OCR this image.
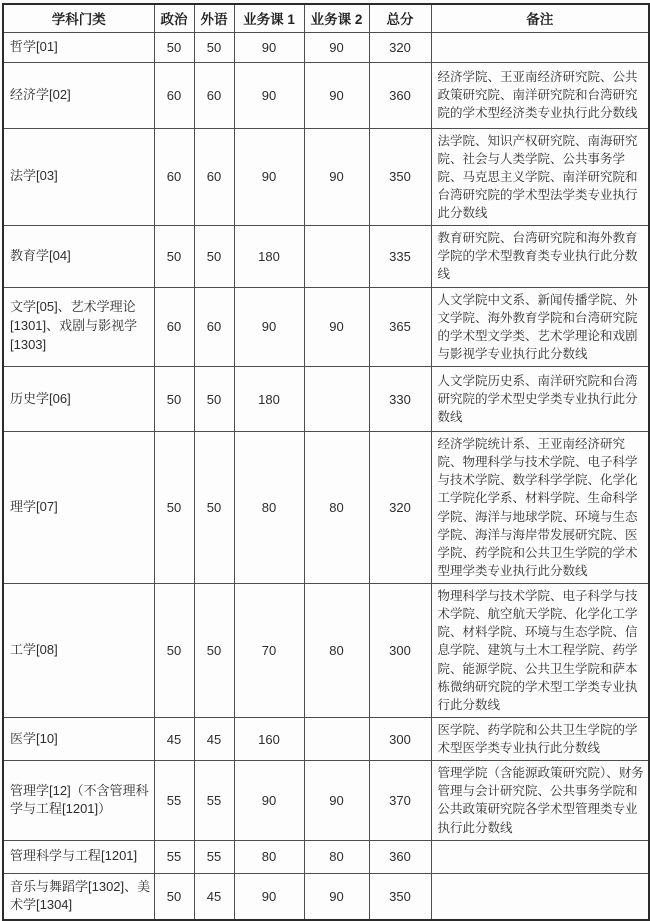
学科门类	政治	外语	业务课 1	业务课 2	总分	备注
哲学[01]	50	50	90	90	320	
经济学[02]	60	60	90	90	360	经济学院、王亚南经济研究院、公共政策研究院、南洋研究院和台湾研究院的学术型经济类专业执行此分数线
法学[03]	60	60	90	90	350	法学院、知识产权研究院、南海研究院、社会与人类学院、公共事务学院、马克思主义学院、南洋研究院和台湾研究院的学术型法学类专业执行此分数线
教育学[04]	50	50	180		335	教育研究院、台湾研究院和海外教育学院的学术型教育类专业执行此分数线
文学[05]、艺术学理论[1301]、戏剧与影视学[1303]	60	60	90	90	365	人文学院中文系、新闻传播学院、外文学院、海外教育学院和台湾研究院的学术型文学类、艺术学理论和戏剧与影视学专业执行此分数线
历史学[06]	50	50	180		330	人文学院历史系、南洋研究院和台湾研究院的学术型史学类专业执行此分数线
理学[07]	50	50	80	80	320	经济学院统计系、王亚南经济研究院、物理科学与技术学院、电子科学与技术学院、数学科学学院、化学化工学院化学系、材料学院、生命科学学院、海洋与地球学院、环境与生态学院、海洋与海岸带发展研究院、医学院、药学院和公共卫生学院的学术型理学类专业执行此分数线
工学[08]	50	50	70	80	300	物理科学与技术学院、电子科学与技术学院、航空航天学院、化学化工学院、材料学院、环境与生态学院、信息学院、建筑与土木工程学院、药学院、能源学院、公共卫生学院和萨本栋微纳研究院的学术型工学类专业执行此分数线
医学[10]	45	45	160		300	医学院、药学院和公共卫生学院的学术型医学类专业执行此分数线
管理学[12]（不含管理科学与工程[1201]）	55	55	90	90	370	管理学院（含能源政策研究院）、财务管理与会计研究院、公共事务学院和公共政策研究院各学术型管理类专业执行此分数线
管理科学与工程[1201]	55	55	80	80	360	
音乐与舞蹈学[1302]、美术学[1304]	50	45	90	90	350	
